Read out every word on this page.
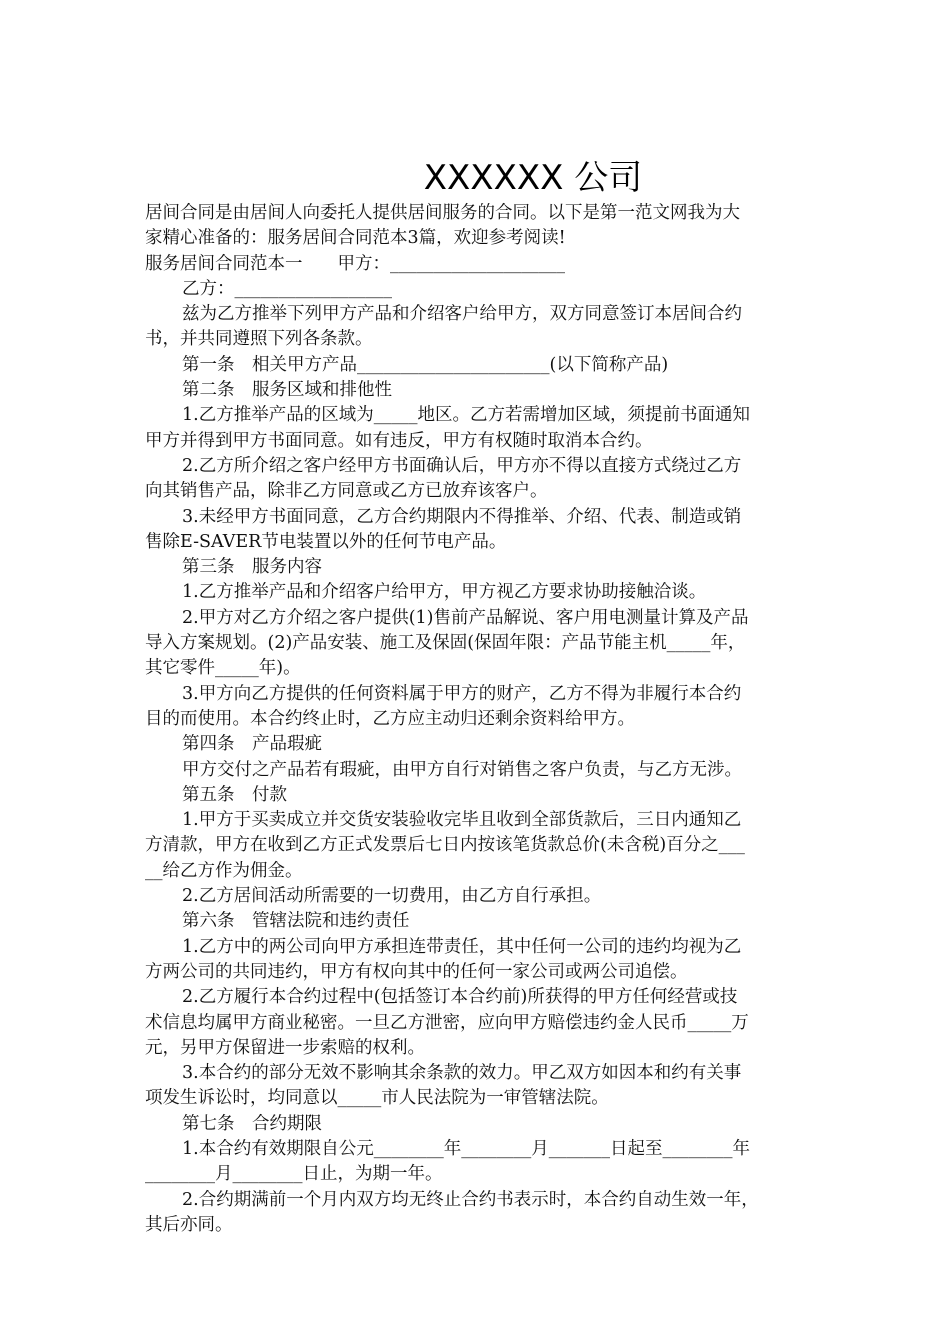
XXXXXX 公司
居间合同是由居间人向委托人提供居间服务的合同。以下是第一范文网我为大
家精心准备的：服务居间合同范本3篇，欢迎参考阅读!
服务居间合同范本一　　甲方：____________________
乙方：__________________
兹为乙方推举下列甲方产品和介绍客户给甲方，双方同意签订本居间合约
书，并共同遵照下列各条款。
第一条　相关甲方产品______________________(以下简称产品)
第二条　服务区域和排他性
1.乙方推举产品的区域为_____地区。乙方若需增加区域，须提前书面通知
甲方并得到甲方书面同意。如有违反，甲方有权随时取消本合约。
2.乙方所介绍之客户经甲方书面确认后，甲方亦不得以直接方式绕过乙方
向其销售产品，除非乙方同意或乙方已放弃该客户。
3.未经甲方书面同意，乙方合约期限内不得推举、介绍、代表、制造或销
售除E-SAVER节电装置以外的任何节电产品。
第三条　服务内容
1.乙方推举产品和介绍客户给甲方，甲方视乙方要求协助接触洽谈。
2.甲方对乙方介绍之客户提供(1)售前产品解说、客户用电测量计算及产品
导入方案规划。(2)产品安装、施工及保固(保固年限：产品节能主机_____年，
其它零件_____年)。
3.甲方向乙方提供的任何资料属于甲方的财产，乙方不得为非履行本合约
目的而使用。本合约终止时，乙方应主动归还剩余资料给甲方。
第四条　产品瑕疵
甲方交付之产品若有瑕疵，由甲方自行对销售之客户负责，与乙方无涉。
第五条　付款
1.甲方于买卖成立并交货安装验收完毕且收到全部货款后，三日内通知乙
方清款，甲方在收到乙方正式发票后七日内按该笔货款总价(未含税)百分之___
__给乙方作为佣金。
2.乙方居间活动所需要的一切费用，由乙方自行承担。
第六条　管辖法院和违约责任
1.乙方中的两公司向甲方承担连带责任，其中任何一公司的违约均视为乙
方两公司的共同违约，甲方有权向其中的任何一家公司或两公司追偿。
2.乙方履行本合约过程中(包括签订本合约前)所获得的甲方任何经营或技
术信息均属甲方商业秘密。一旦乙方泄密，应向甲方赔偿违约金人民币_____万
元，另甲方保留进一步索赔的权利。
3.本合约的部分无效不影响其余条款的效力。甲乙双方如因本和约有关事
项发生诉讼时，均同意以_____市人民法院为一审管辖法院。
第七条　合约期限
1.本合约有效期限自公元________年________月_______日起至________年
________月________日止，为期一年。
2.合约期满前一个月内双方均无终止合约书表示时，本合约自动生效一年，
其后亦同。
